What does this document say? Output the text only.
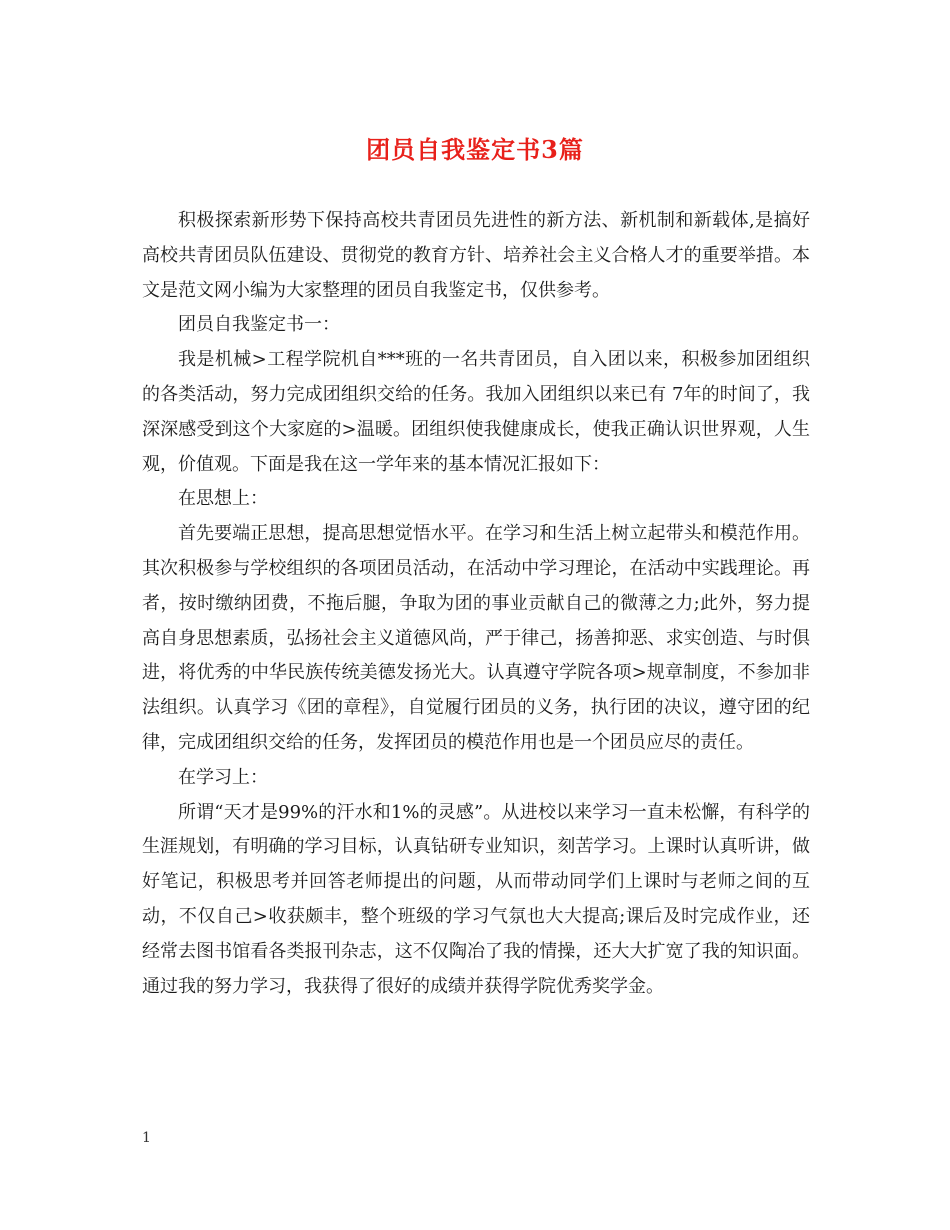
团员自我鉴定书3篇

积极探索新形势下保持高校共青团员先进性的新方法、新机制和新载体,是搞好高校共青团员队伍建设、贯彻党的教育方针、培养社会主义合格人才的重要举措。本文是范文网小编为大家整理的团员自我鉴定书，仅供参考。

团员自我鉴定书一：

我是机械>工程学院机自***班的一名共青团员，自入团以来，积极参加团组织的各类活动，努力完成团组织交给的任务。我加入团组织以来已有 7年的时间了，我深深感受到这个大家庭的>温暖。团组织使我健康成长，使我正确认识世界观，人生观，价值观。下面是我在这一学年来的基本情况汇报如下：

在思想上：

首先要端正思想，提高思想觉悟水平。在学习和生活上树立起带头和模范作用。其次积极参与学校组织的各项团员活动，在活动中学习理论，在活动中实践理论。再者，按时缴纳团费，不拖后腿，争取为团的事业贡献自己的微薄之力;此外，努力提高自身思想素质，弘扬社会主义道德风尚，严于律己，扬善抑恶、求实创造、与时俱进，将优秀的中华民族传统美德发扬光大。认真遵守学院各项>规章制度，不参加非法组织。认真学习《团的章程》，自觉履行团员的义务，执行团的决议，遵守团的纪律，完成团组织交给的任务，发挥团员的模范作用也是一个团员应尽的责任。

在学习上：

所谓“天才是99%的汗水和1%的灵感”。从进校以来学习一直未松懈，有科学的生涯规划，有明确的学习目标，认真钻研专业知识，刻苦学习。上课时认真听讲，做好笔记，积极思考并回答老师提出的问题，从而带动同学们上课时与老师之间的互动，不仅自己>收获颇丰，整个班级的学习气氛也大大提高;课后及时完成作业，还经常去图书馆看各类报刊杂志，这不仅陶冶了我的情操，还大大扩宽了我的知识面。通过我的努力学习，我获得了很好的成绩并获得学院优秀奖学金。

1
